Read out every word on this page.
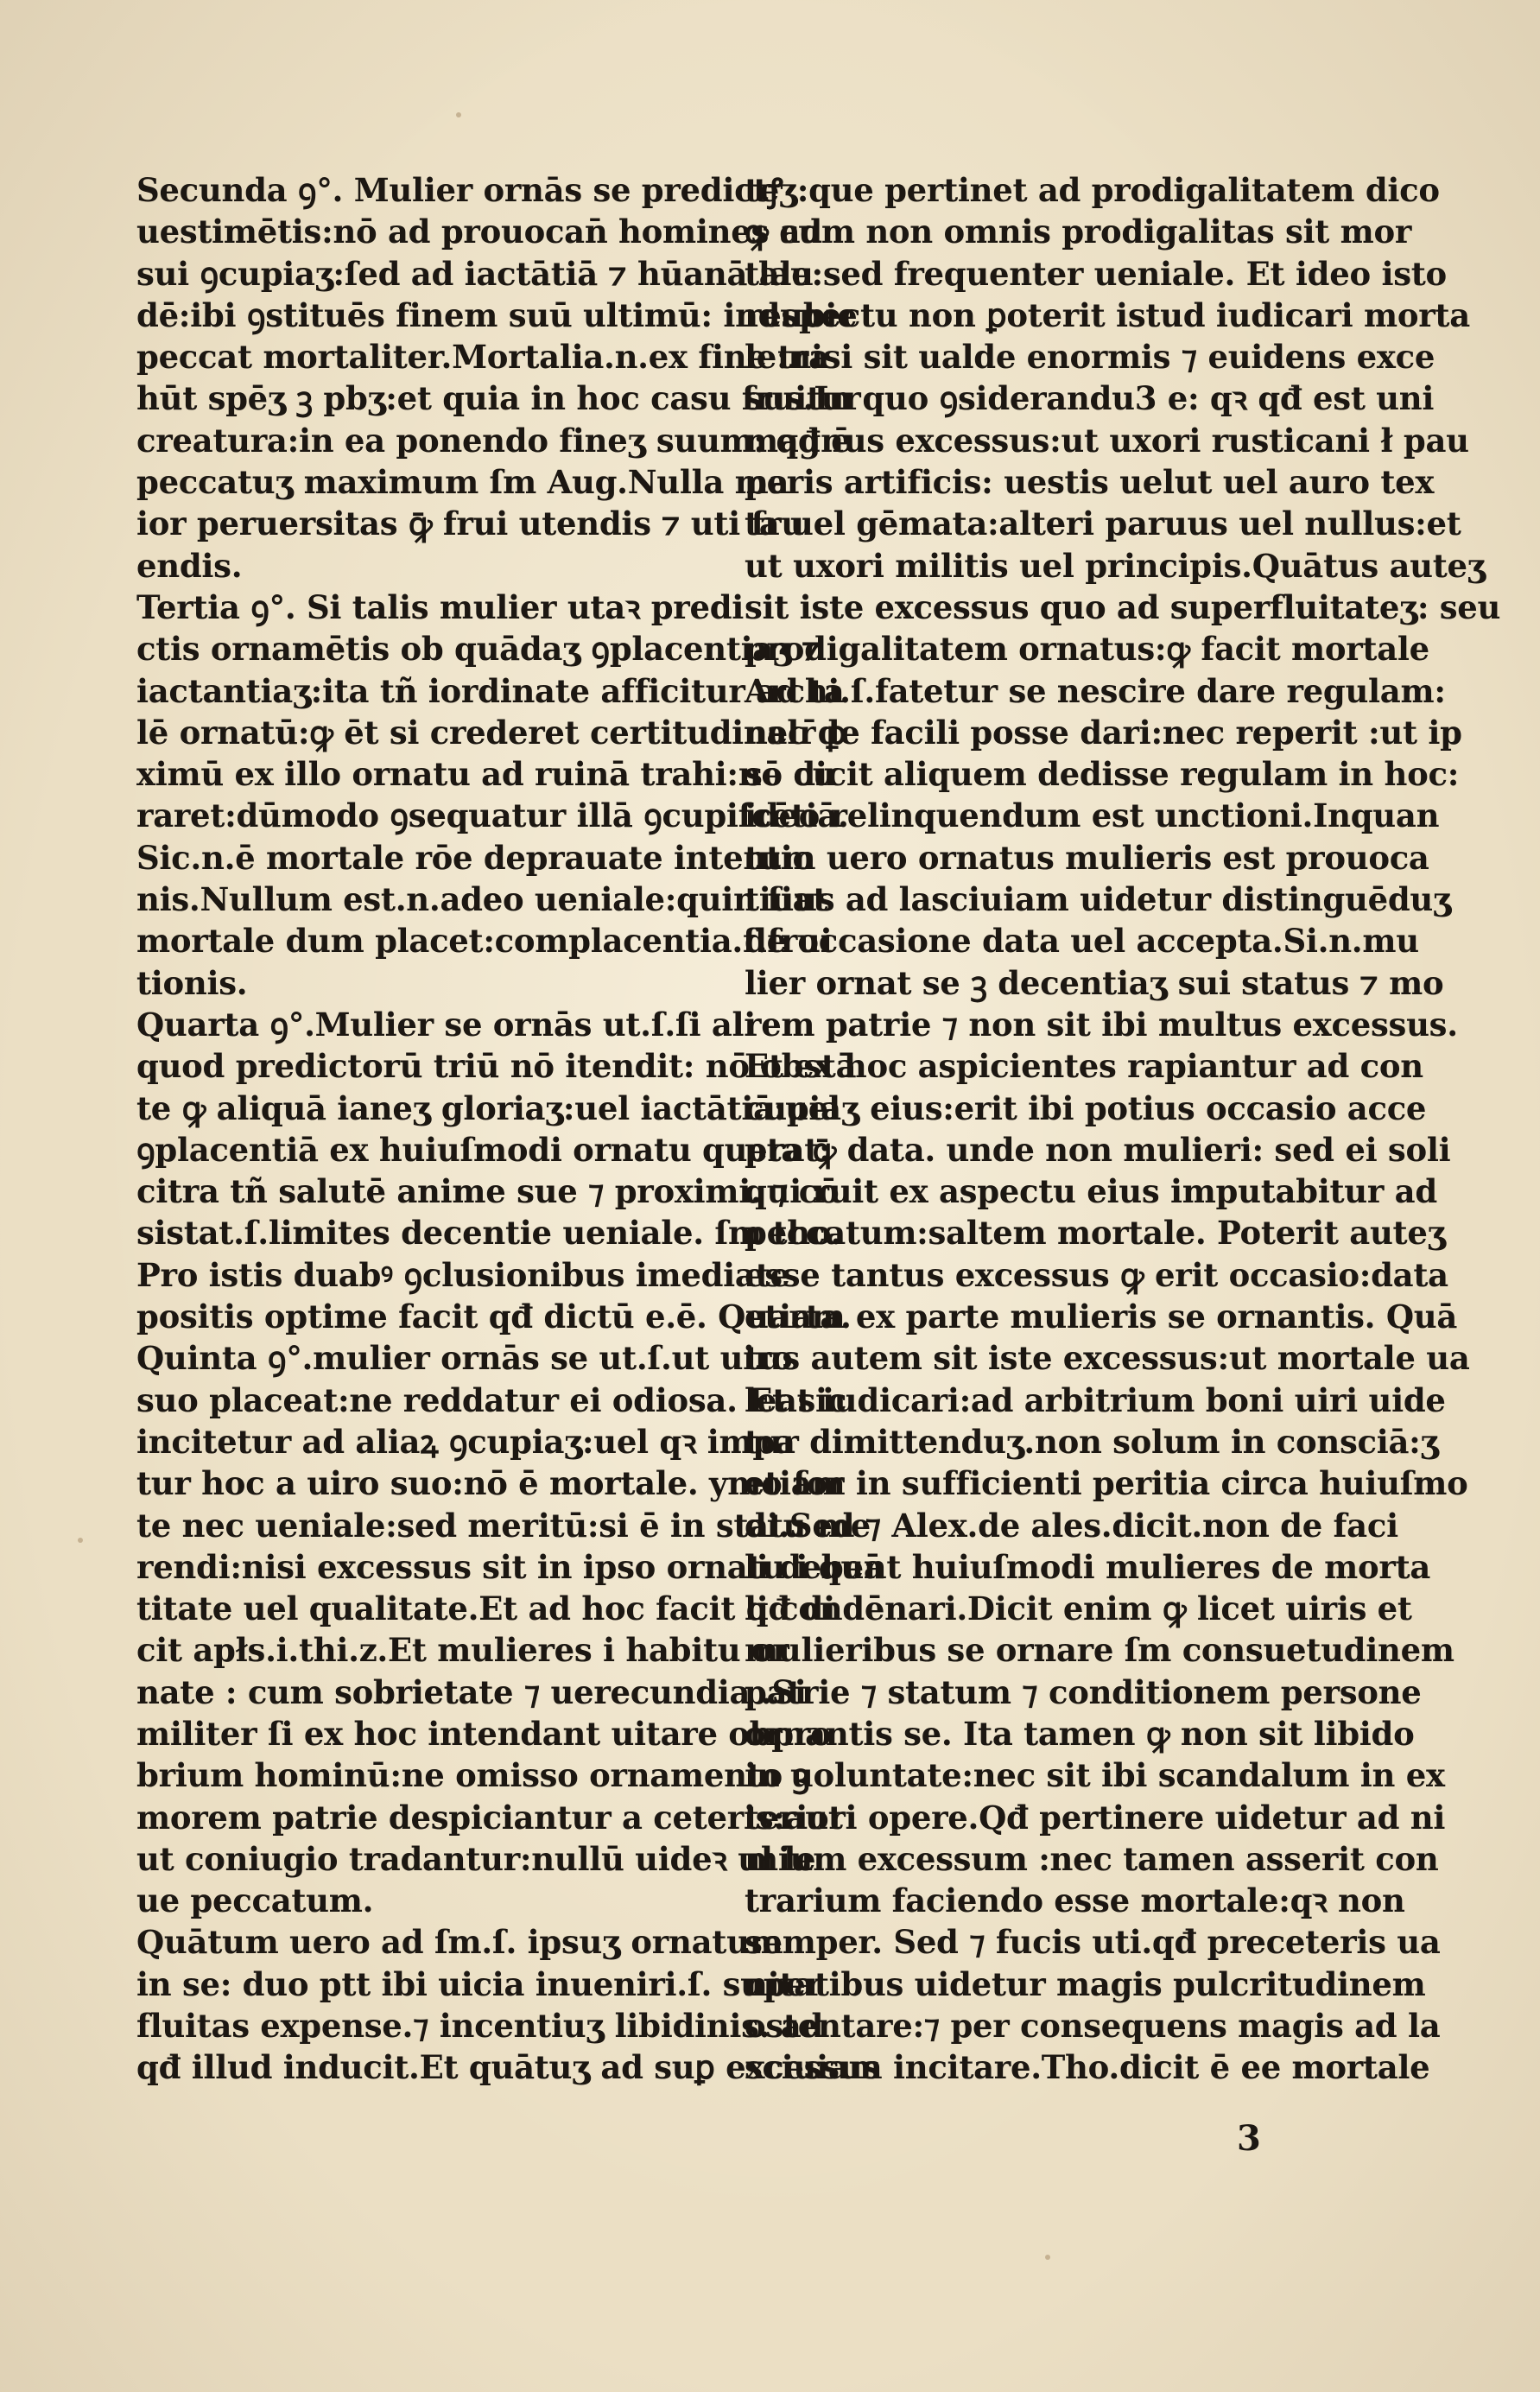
Secunda ꝯ°. Mulier ornās se predictꝭ
uestimētis:nō ad prouocan̄ homines ad
sui ꝯcupiaʒ:ſed ad iactātiā ⁊ hūanā lau
dē:ibi ꝯstituēs finem suū ultimū: indubie
peccat mortaliter.Mortalia.n.ex fine tra
hūt spēʒ ꝫ pbʒ:et quia in hoc casu fruitur
creatura:in ea ponendo fineʒ suum: qđ ē
peccatuʒ maximum ſm Aug.Nulla ma
ior peruersitas ꝙ̄ frui utendis ⁊ uti fru
endis.
Tertia ꝯ°. Si talis mulier utaꝛ predi
ctis ornamētis ob quādaʒ ꝯplacentiaʒ ⁊
iactantiaʒ:ita tñ iordinate afficitur ad ta
lē ornatū:ꝙ ēt si crederet certitudinalr̄ ꝑ
ximū ex illo ornatu ad ruinā trahi:nō cu
raret:dūmodo ꝯsequatur illā ꝯcupiſcētiā.
Sic.n.ē mortale rōe deprauate intentio
nis.Nullum est.n.adeo ueniale:quin fiat
mortale dum placet:complacentia.ſ.frui
tionis.
Quarta ꝯ°.Mulier se ornās ut.ſ.ſi ali
quod predictorū triū nō itendit: nō obstā
te ꝙ aliquā ianeʒ gloriaʒ:uel iactātiā:uel
ꝯplacentiā ex huiuſmodi ornatu querat:
citra tñ salutē anime sue ⁊ proximi. ⁊ cō
sistat.ſ.limites decentie ueniale. ſm tho.
Pro istis duabꝰ ꝯclusionibus imediate
positis optime facit qđ dictū e.ē. Quarta.
Quinta ꝯ°.mulier ornās se ut.ſ.ut uiro
suo placeat:ne reddatur ei odiosa. Et sic
incitetur ad aliaꝝ ꝯcupiaʒ:uel qꝛ impa
tur hoc a uiro suo:nō ē mortale. ymo for
te nec ueniale:sed meritū:si ē in statu me
rendi:nisi excessus sit in ipso ornatu i quā
titate uel qualitate.Et ad hoc facit qđ di
cit apłs.i.thi.z.Et mulieres i habitu or
nate : cum sobrietate ⁊ uerecundia .Si
militer ſi ex hoc intendant uitare obpro
brium hominū:ne omisso ornamento ꝫ
morem patrie despiciantur a ceteris:aut
ut coniugio tradantur:nullū uideꝛ uł le
ue peccatum.
Quātum uero ad ſm.ſ. ipsuʒ ornatum
in se: duo ptt ibi uicia inueniri.ſ. super
fluitas expense.⁊ incentiuʒ libidinis. ad
qđ illud inducit.Et quātuʒ ad suꝑ excessus
teʒ:que pertinet ad prodigalitatem dico
ꝙ cum non omnis prodigalitas sit mor
tale:sed frequenter ueniale. Et ideo isto
respectu non ꝑoterit istud iudicari morta
le:nisi sit ualde enormis ⁊ euidens exce
sus.In quo ꝯsiderandu3 e: qꝛ qđ est uni
magnus excessus:ut uxori rusticani ł pau
peris artificis: uestis uelut uel auro tex
ta uel gēmata:alteri paruus uel nullus:et
ut uxori militis uel principis.Quātus auteʒ
sit iste excessus quo ad superfluitateʒ: seu
prodigalitatem ornatus:ꝙ facit mortale
Archi.ſ.fatetur se nescire dare regulam:
nec de facili posse dari:nec reperit :ut ip
se dicit aliquem dedisse regulam in hoc:
ideo relinquendum est unctioni.Inquan
tum uero ornatus mulieris est prouoca
tiuus ad lasciuiam uidetur distinguēduʒ
de occasione data uel accepta.Si.n.mu
lier ornat se ꝫ decentiaʒ sui status ⁊ mo
rem patrie ⁊ non sit ibi multus excessus.
Et ex hoc aspicientes rapiantur ad con
cupiaʒ eius:erit ibi potius occasio acce
pta ꝙ̄ data. unde non mulieri: sed ei soli
qui ruit ex aspectu eius imputabitur ad
peccatum:saltem mortale. Poterit auteʒ
esse tantus excessus ꝙ erit occasio:data
etiam ex parte mulieris se ornantis. Quā
tus autem sit iste excessus:ut mortale ua
leat iudicari:ad arbitrium boni uiri uide
tur dimittenduʒ.non solum in consciā:ʒ
etiam in sufficienti peritia circa huiuſmo
di.Sed ⁊ Alex.de ales.dicit.non de faci
li debent huiuſmodi mulieres de morta
li condēnari.Dicit enim ꝙ licet uiris et
mulieribus se ornare ſm consuetudinem
patrie ⁊ statum ⁊ conditionem persone
ornantis se. Ita tamen ꝙ non sit libido
in uoluntate:nec sit ibi scandalum in ex
teriori opere.Qđ pertinere uidetur ad ni
mium excessum :nec tamen asserit con
trarium faciendo esse mortale:qꝛ non
semper. Sed ⁊ fucis uti.qđ preceteris ua
nitatibus uidetur magis pulcritudinem
ostentare:⁊ per consequens magis ad la
sciuiam incitare.Tho.dicit ē ee mortale
3
